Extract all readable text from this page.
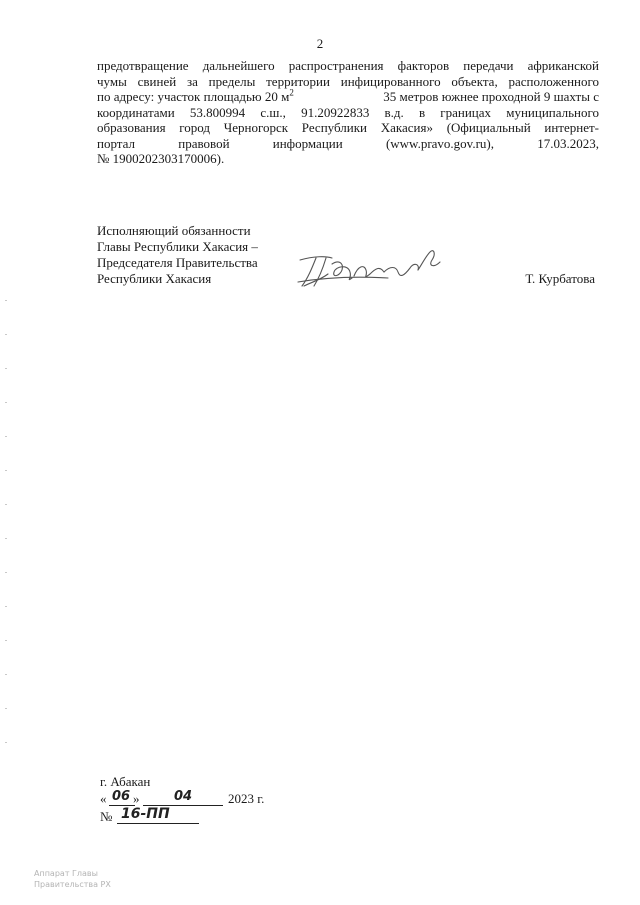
2
предотвращение дальнейшего распространения факторов передачи африканской
чумы свиней за пределы территории инфицированного объекта, расположенного
по адресу: участок площадью 20 $м^2$	35 метров южнее проходной 9 шахты с
координатами 53.800994 с.ш., 91.20922833 в.д. в границах муниципального
образования город Черногорск Республики Хакасия» (Официальный интернет-
портал правовой информации (www.pravo.gov.ru), 17.03.2023,
№ 1900202303170006).
Исполняющий обязанности
Главы Республики Хакасия –
Председателя Правительства
Республики Хакасия	Т. Курбатова
г. Абакан
« 06 »	04	2023 г.
№ 16-ПП
Аппарат Главы
Правительства РХ
